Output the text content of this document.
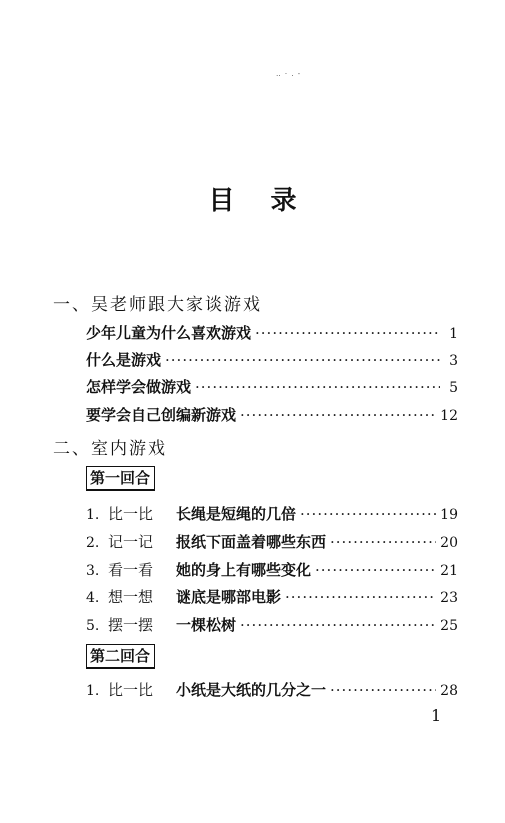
‥ · . -
目录
一、吴老师跟大家谈游戏
少年儿童为什么喜欢游戏 ·····	1
什么是游戏 ·····	3
怎样学会做游戏 ·····	5
要学会自己创编新游戏 ·····	12
二、室内游戏
第一回合
1. 比一比 长绳是短绳的几倍 ·····	19
2. 记一记 报纸下面盖着哪些东西 ·····	20
3. 看一看 她的身上有哪些变化 ·····	21
4. 想一想 谜底是哪部电影 ·····	23
5. 摆一摆 一棵松树 ·····	25
第二回合
1. 比一比 小纸是大纸的几分之一 ·····	28
1
